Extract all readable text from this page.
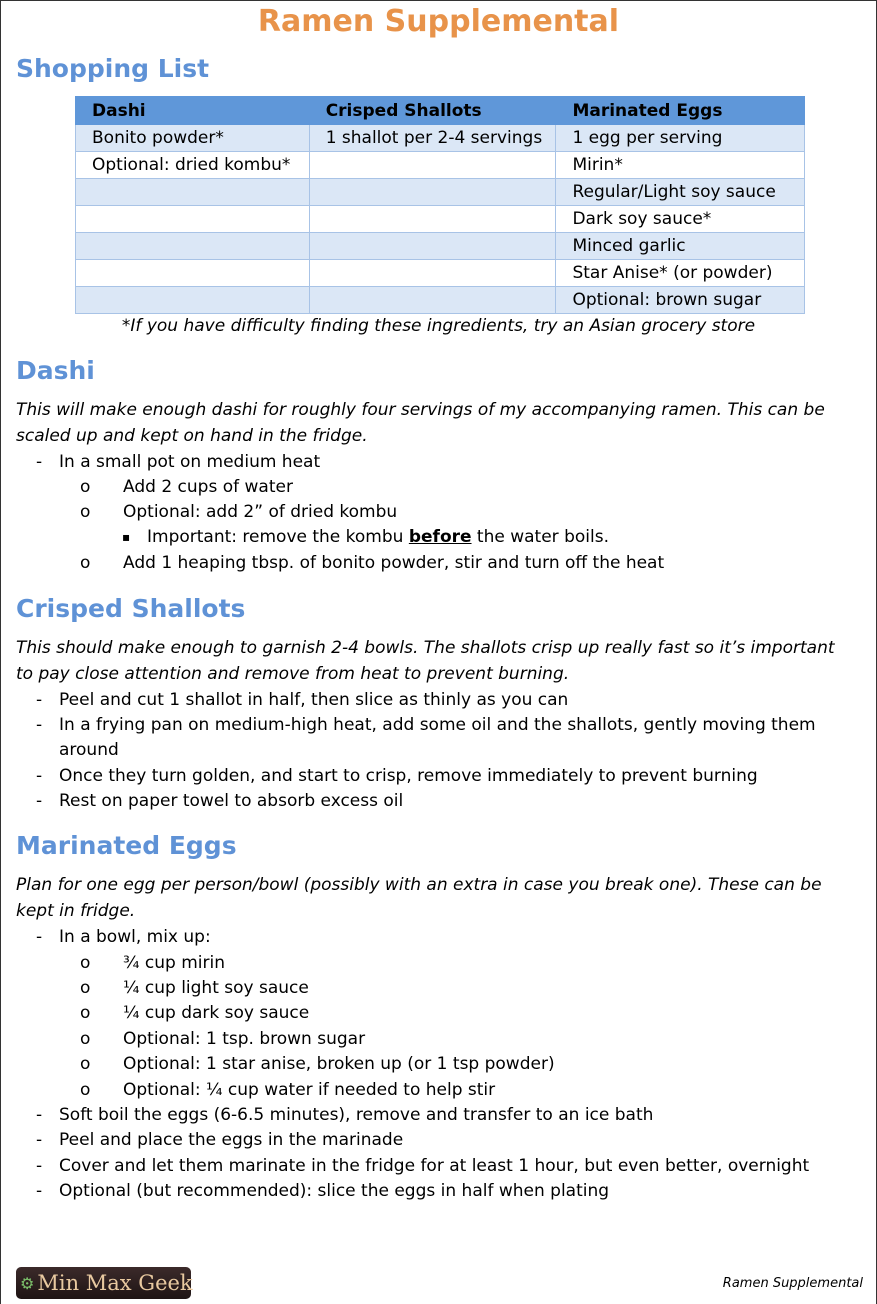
Ramen Supplemental
Shopping List
Dashi	Crisped Shallots	Marinated Eggs
Bonito powder*	1 shallot per 2-4 servings	1 egg per serving
Optional: dried kombu*		Mirin*
		Regular/Light soy sauce
		Dark soy sauce*
		Minced garlic
		Star Anise* (or powder)
		Optional: brown sugar
*If you have difficulty finding these ingredients, try an Asian grocery store
Dashi
This will make enough dashi for roughly four servings of my accompanying ramen. This can be scaled up and kept on hand in the fridge.
- In a small pot on medium heat
o Add 2 cups of water
o Optional: add 2” of dried kombu
▪ Important: remove the kombu before the water boils.
o Add 1 heaping tbsp. of bonito powder, stir and turn off the heat
Crisped Shallots
This should make enough to garnish 2-4 bowls. The shallots crisp up really fast so it’s important to pay close attention and remove from heat to prevent burning.
- Peel and cut 1 shallot in half, then slice as thinly as you can
- In a frying pan on medium-high heat, add some oil and the shallots, gently moving them
around
- Once they turn golden, and start to crisp, remove immediately to prevent burning
- Rest on paper towel to absorb excess oil
Marinated Eggs
Plan for one egg per person/bowl (possibly with an extra in case you break one). These can be kept in fridge.
- In a bowl, mix up:
o ¾ cup mirin
o ¼ cup light soy sauce
o ¼ cup dark soy sauce
o Optional: 1 tsp. brown sugar
o Optional: 1 star anise, broken up (or 1 tsp powder)
o Optional: ¼ cup water if needed to help stir
- Soft boil the eggs (6-6.5 minutes), remove and transfer to an ice bath
- Peel and place the eggs in the marinade
- Cover and let them marinate in the fridge for at least 1 hour, but even better, overnight
- Optional (but recommended): slice the eggs in half when plating
⚙ Min Max Geek	Ramen Supplemental
